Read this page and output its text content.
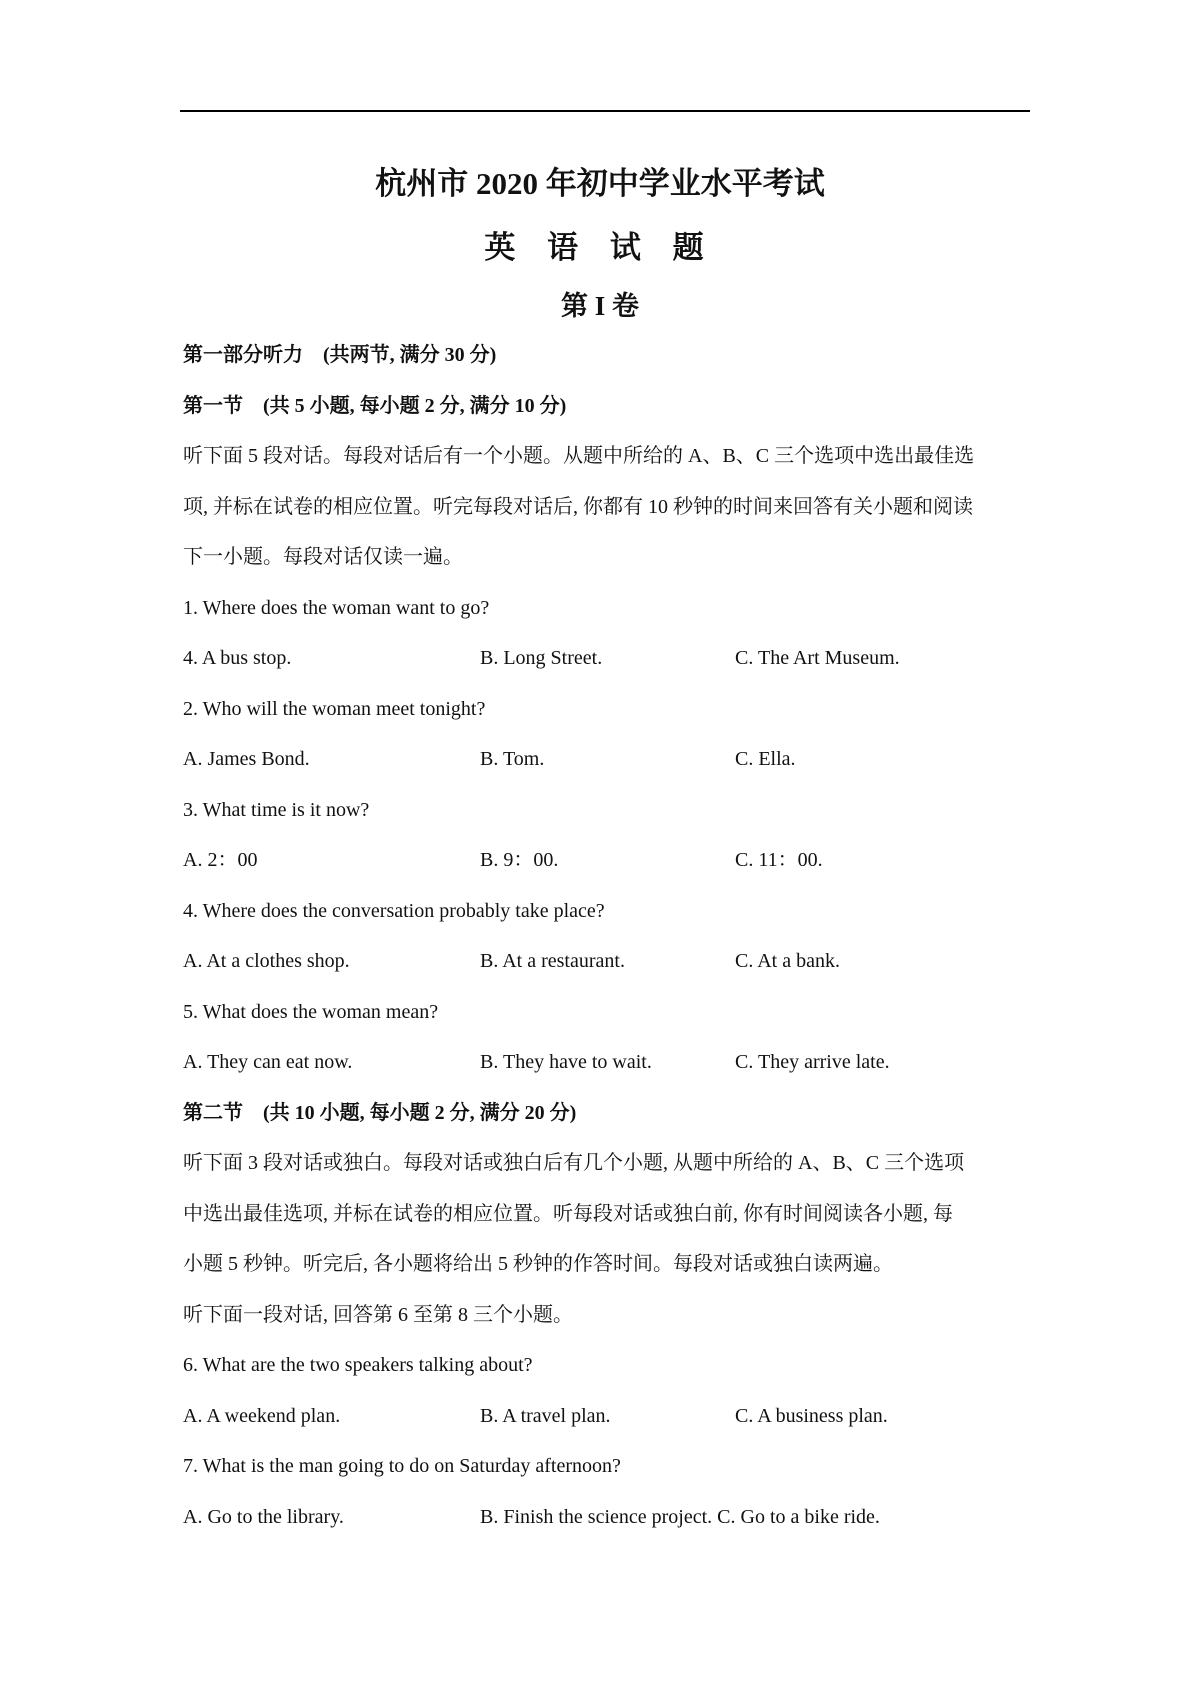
杭州市 2020 年初中学业水平考试
英 语 试 题
第 I 卷
第一部分听力　(共两节, 满分 30 分)
第一节　(共 5 小题, 每小题 2 分, 满分 10 分)

听下面 5 段对话。每段对话后有一个小题。从题中所给的 A、B、C 三个选项中选出最佳选

项, 并标在试卷的相应位置。听完每段对话后, 你都有 10 秒钟的时间来回答有关小题和阅读

下一小题。每段对话仅读一遍。

1. Where does the woman want to go?
4. A bus stop.	B. Long Street.	C. The Art Museum.
2. Who will the woman meet tonight?
A. James Bond.	B. Tom.	C. Ella.
3. What time is it now?
A. 2：00	B. 9：00.	C. 11：00.
4. Where does the conversation probably take place?
A. At a clothes shop.	B. At a restaurant.	C. At a bank.
5. What does the woman mean?
A. They can eat now.	B. They have to wait.	C. They arrive late.
第二节　(共 10 小题, 每小题 2 分, 满分 20 分)

听下面 3 段对话或独白。每段对话或独白后有几个小题, 从题中所给的 A、B、C 三个选项

中选出最佳选项, 并标在试卷的相应位置。听每段对话或独白前, 你有时间阅读各小题, 每

小题 5 秒钟。听完后, 各小题将给出 5 秒钟的作答时间。每段对话或独白读两遍。

听下面一段对话, 回答第 6 至第 8 三个小题。
6. What are the two speakers talking about?
A. A weekend plan.	B. A travel plan.	C. A business plan.
7. What is the man going to do on Saturday afternoon?
A. Go to the library.	B. Finish the science project. C. Go to a bike ride.
